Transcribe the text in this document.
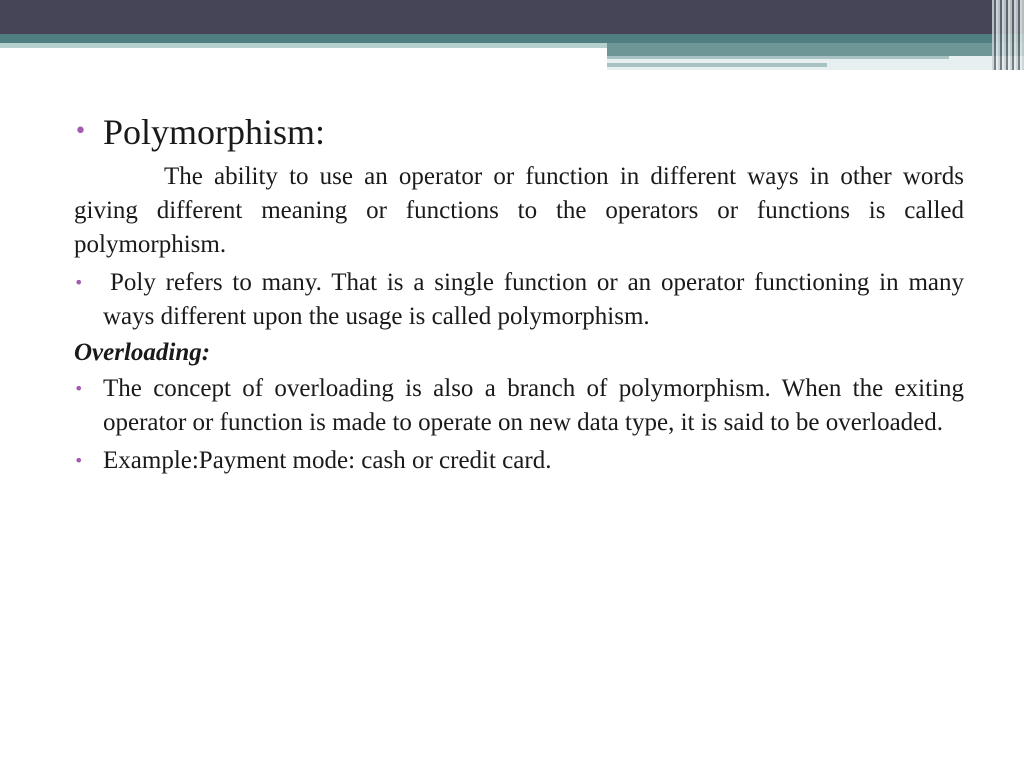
• Polymorphism:
The ability to use an operator or function in different ways in other words giving different meaning or functions to the operators or functions is called polymorphism.
• Poly refers to many. That is a single function or an operator functioning in many ways different upon the usage is called polymorphism.
Overloading:
• The concept of overloading is also a branch of polymorphism. When the exiting operator or function is made to operate on new data type, it is said to be overloaded.
• Example:Payment mode: cash or credit card.
